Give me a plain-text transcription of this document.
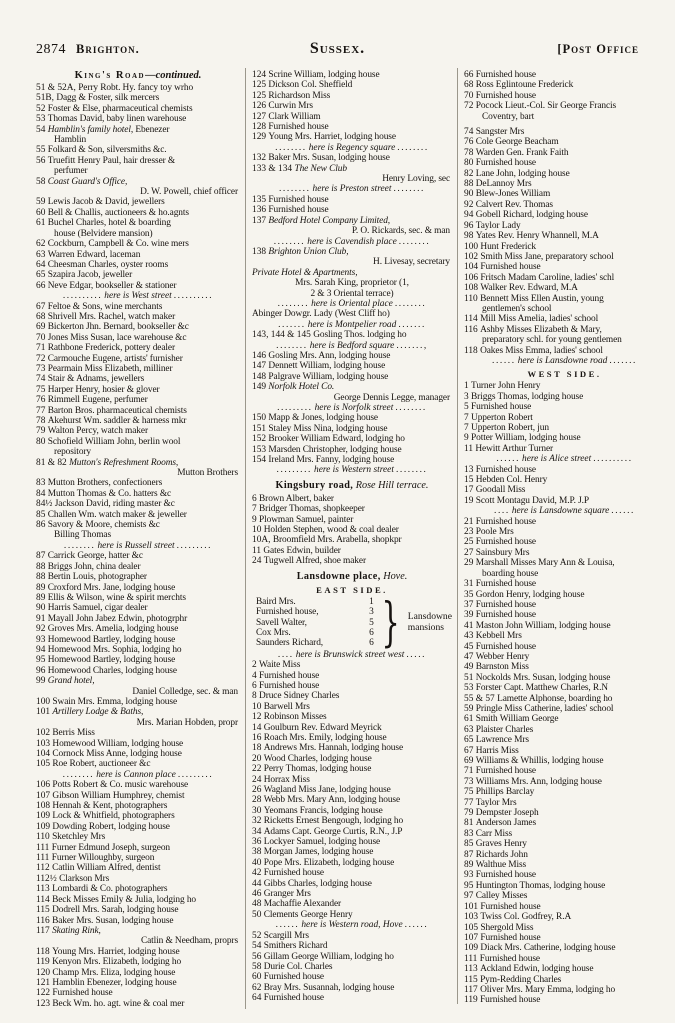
2874 Brighton.	Sussex.	[Post Office
King's Road—continued.
51 & 52A, Perry Robt. Hy. fancy toy wrho
51B, Dagg & Foster, silk mercers
52 Foster & Else, pharmaceutical chemists
53 Thomas David, baby linen warehouse
54 Hamblin's family hotel, Ebenezer
Hamblin
55 Folkard & Son, silversmiths &c.
56 Truefitt Henry Paul, hair dresser &
perfumer
58 Coast Guard's Office,
D. W. Powell, chief officer
59 Lewis Jacob & David, jewellers
60 Bell & Challis, auctioneers & ho.agnts
61 Buchel Charles, hotel & boarding
house (Belvidere mansion)
62 Cockburn, Campbell & Co. wine mers
63 Warren Edward, laceman
64 Cheesman Charles, oyster rooms
65 Szapira Jacob, jeweller
66 Neve Edgar, bookseller & stationer
.......... here is West street ..........
67 Feltoe & Sons, wine merchants
68 Shrivell Mrs. Rachel, watch maker
69 Bickerton Jhn. Bernard, bookseller &c
70 Jones Miss Susan, lace warehouse &c
71 Rathbone Frederick, pottery dealer
72 Carmouche Eugene, artists' furnisher
73 Pearmain Miss Elizabeth, milliner
74 Stair & Adnams, jewellers
75 Harper Henry, hosier & glover
76 Rimmell Eugene, perfumer
77 Barton Bros. pharmaceutical chemists
78 Akehurst Wm. saddler & harness mkr
79 Walton Percy, watch maker
80 Schofield William John, berlin wool
repository
81 & 82 Mutton's Refreshment Rooms,
Mutton Brothers
83 Mutton Brothers, confectioners
84 Mutton Thomas & Co. hatters &c
84½ Jackson David, riding master &c
85 Challen Wm. watch maker & jeweller
86 Savory & Moore, chemists &c
Billing Thomas
........ here is Russell street .........
87 Carrick George, hatter &c
88 Briggs John, china dealer
88 Bertin Louis, photographer
89 Croxford Mrs. Jane, lodging house
89 Ellis & Wilson, wine & spirit merchts
90 Harris Samuel, cigar dealer
91 Mayall John Jabez Edwin, photogrphr
92 Groves Mrs. Amelia, lodging house
93 Homewood Bartley, lodging house
94 Homewood Mrs. Sophia, lodging ho
95 Homewood Bartley, lodging house
96 Homewood Charles, lodging house
99 Grand hotel,
Daniel Colledge, sec. & man
100 Swain Mrs. Emma, lodging house
101 Artillery Lodge & Baths,
Mrs. Marian Hobden, propr
102 Berris Miss
103 Homewood William, lodging house
104 Cornock Miss Anne, lodging house
105 Roe Robert, auctioneer &c
........ here is Cannon place .........
106 Potts Robert & Co. music warehouse
107 Gibson William Humphrey, chemist
108 Hennah & Kent, photographers
109 Lock & Whitfield, photographers
109 Dowding Robert, lodging house
110 Sketchley Mrs
111 Furner Edmund Joseph, surgeon
111 Furner Willoughby, surgeon
112 Catlin William Alfred, dentist
112½ Clarkson Mrs
113 Lombardi & Co. photographers
114 Beck Misses Emily & Julia, lodging ho
115 Dodrell Mrs. Sarah, lodging house
116 Baker Mrs. Susan, lodging house
117 Skating Rink,
Catlin & Needham, proprs
118 Young Mrs. Harriet, lodging house
119 Kenyon Mrs. Elizabeth, lodging ho
120 Champ Mrs. Eliza, lodging house
121 Hamblin Ebenezer, lodging house
122 Furnished house
123 Beck Wm. ho. agt. wine & coal mer
124 Scrine William, lodging house
125 Dickson Col. Sheffield
125 Richardson Miss
126 Curwin Mrs
127 Clark William
128 Furnished house
129 Young Mrs. Harriet, lodging house
........ here is Regency square ........
132 Baker Mrs. Susan, lodging house
133 & 134 The New Club
Henry Loving, sec
........ here is Preston street ........
135 Furnished house
136 Furnished house
137 Bedford Hotel Company Limited,
P. O. Rickards, sec. & man
........ here is Cavendish place ........
138 Brighton Union Club,
H. Livesay, secretary
Private Hotel & Apartments,
Mrs. Sarah King, proprietor (1,
2 & 3 Oriental terrace)
........ here is Oriental place ........
Abinger Dowgr. Lady (West Cliff ho)
....... here is Montpelier road .......
143, 144 & 145 Gosling Thos. lodging ho
........ here is Bedford square .......,
146 Gosling Mrs. Ann, lodging house
147 Dennett William, lodging house
148 Palgrave William, lodging house
149 Norfolk Hotel Co.
George Dennis Legge, manager
......... here is Norfolk street ........
150 Mapp & Jones, lodging house
151 Staley Miss Nina, lodging house
152 Brooker William Edward, lodging ho
153 Marsden Christopher, lodging house
154 Ireland Mrs. Fanny, lodging house
......... here is Western street ........
Kingsbury road, Rose Hill terrace.
6 Brown Albert, baker
7 Bridger Thomas, shopkeeper
9 Plowman Samuel, painter
10 Holden Stephen, wood & coal dealer
10A, Broomfield Mrs. Arabella, shopkpr
11 Gates Edwin, builder
24 Tugwell Alfred, shoe maker
Lansdowne place, Hove.
EAST SIDE.
Baird Mrs.	1
Furnished house,	3
Savell Walter,	5
Cox Mrs.	6
Saunders Richard,	6 } Lansdowne
mansions
.... here is Brunswick street west .....
2 Waite Miss
4 Furnished house
6 Furnished house
8 Druce Sidney Charles
10 Barwell Mrs
12 Robinson Misses
14 Goulburn Rev. Edward Meyrick
16 Roach Mrs. Emily, lodging house
18 Andrews Mrs. Hannah, lodging house
20 Wood Charles, lodging house
22 Perry Thomas, lodging house
24 Horrax Miss
26 Wagland Miss Jane, lodging house
28 Webb Mrs. Mary Ann, lodging house
30 Yeomans Francis, lodging house
32 Ricketts Ernest Bengough, lodging ho
34 Adams Capt. George Curtis, R.N., J.P
36 Lockyer Samuel, lodging house
38 Morgan James, lodging house
40 Pope Mrs. Elizabeth, lodging house
42 Furnished house
44 Gibbs Charles, lodging house
46 Granger Mrs
48 Machaffie Alexander
50 Clements George Henry
...... here is Western road, Hove ......
52 Scargill Mrs
54 Smithers Richard
56 Gillam George William, lodging ho
58 Durie Col. Charles
60 Furnished house
62 Bray Mrs. Susannah, lodging house
64 Furnished house
66 Furnished house
68 Ross Eglintoune Frederick
70 Furnished house
72 Pocock Lieut.-Col. Sir George Francis
Coventry, bart
74 Sangster Mrs
76 Cole George Beacham
78 Warden Gen. Frank Faith
80 Furnished house
82 Lane John, lodging house
88 DeLannoy Mrs
90 Blew-Jones William
92 Calvert Rev. Thomas
94 Gobell Richard, lodging house
96 Taylor Lady
98 Yates Rev. Henry Whannell, M.A
100 Hunt Frederick
102 Smith Miss Jane, preparatory school
104 Furnished house
106 Fritsch Madam Caroline, ladies' schl
108 Walker Rev. Edward, M.A
110 Bennett Miss Ellen Austin, young
gentlemen's school
114 Mill Miss Amelia, ladies' school
116 Ashby Misses Elizabeth & Mary,
preparatory schl. for young gentlemen
118 Oakes Miss Emma, ladies' school
...... here is Lansdowne road .......
WEST SIDE.
1 Turner John Henry
3 Briggs Thomas, lodging house
5 Furnished house
7 Upperton Robert
7 Upperton Robert, jun
9 Potter William, lodging house
11 Hewitt Arthur Turner
...... here is Alice street ..........
13 Furnished house
15 Hebden Col. Henry
17 Goodall Miss
19 Scott Montagu David, M.P. J.P
.... here is Lansdowne square ......
21 Furnished house
23 Poole Mrs
25 Furnished house
27 Sainsbury Mrs
29 Marshall Misses Mary Ann & Louisa,
boarding house
31 Furnished house
35 Gordon Henry, lodging house
37 Furnished house
39 Furnished house
41 Maston John William, lodging house
43 Kebbell Mrs
45 Furnished house
47 Webber Henry
49 Barnston Miss
51 Nockolds Mrs. Susan, lodging house
53 Forster Capt. Matthew Charles, R.N
55 & 57 Lamette Alphonse, boarding ho
59 Pringle Miss Catherine, ladies' school
61 Smith William George
63 Plaister Charles
65 Lawrence Mrs
67 Harris Miss
69 Williams & Whillis, lodging house
71 Furnished house
73 Williams Mrs. Ann, lodging house
75 Phillips Barclay
77 Taylor Mrs
79 Dempster Joseph
81 Anderson James
83 Carr Miss
85 Graves Henry
87 Richards John
89 Walthue Miss
93 Furnished house
95 Huntington Thomas, lodging house
97 Calley Misses
101 Furnished house
103 Twiss Col. Godfrey, R.A
105 Shergold Miss
107 Furnished house
109 Diack Mrs. Catherine, lodging house
111 Furnished house
113 Ackland Edwin, lodging house
115 Pym-Redding Charles
117 Oliver Mrs. Mary Emma, lodging ho
119 Furnished house
